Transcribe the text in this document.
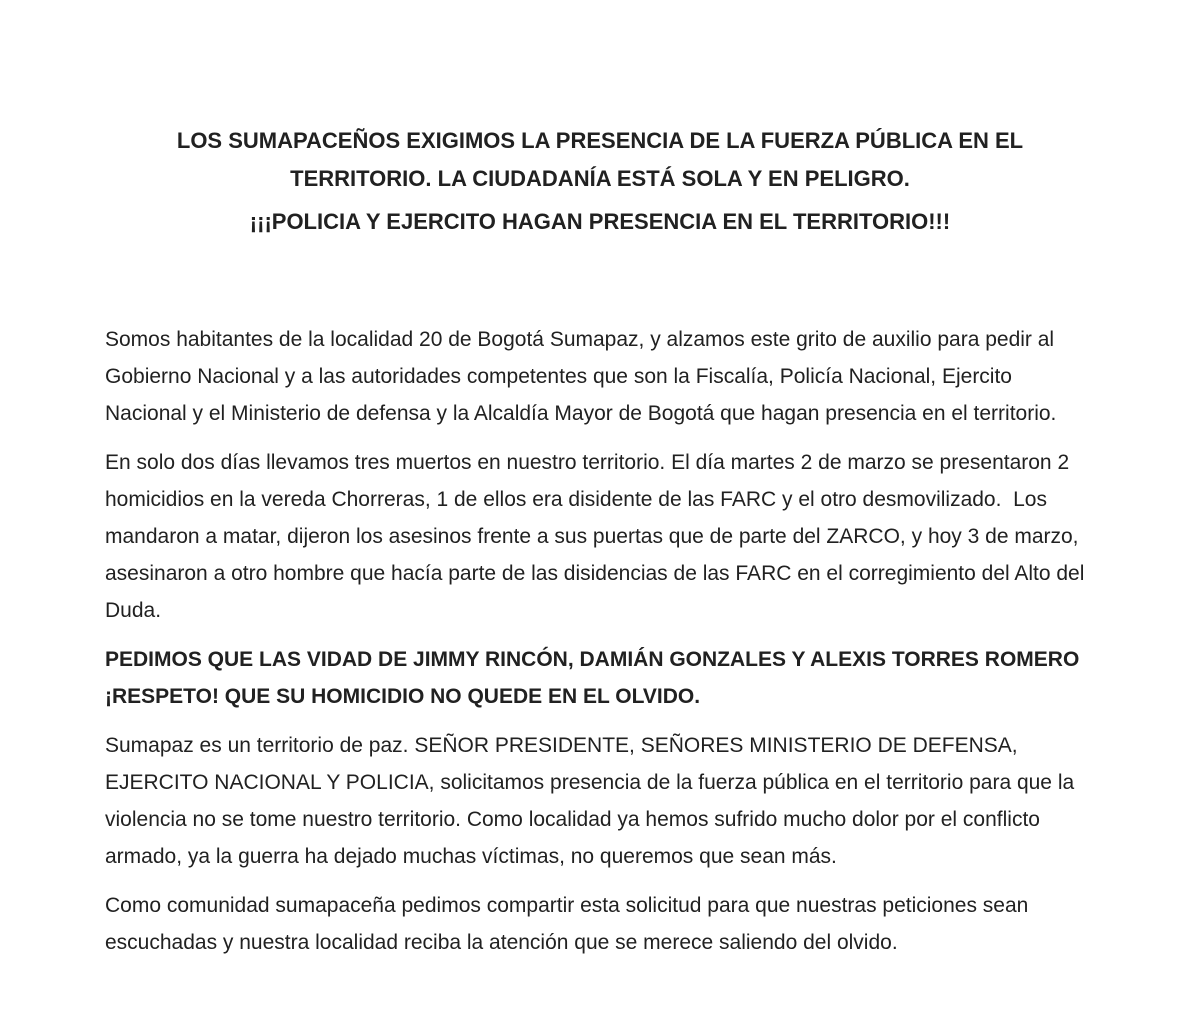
LOS SUMAPACEÑOS EXIGIMOS LA PRESENCIA DE LA FUERZA PÚBLICA EN EL TERRITORIO. LA CIUDADANÍA ESTÁ SOLA Y EN PELIGRO.
¡¡¡POLICIA Y EJERCITO HAGAN PRESENCIA EN EL TERRITORIO!!!

Somos habitantes de la localidad 20 de Bogotá Sumapaz, y alzamos este grito de auxilio para pedir al Gobierno Nacional y a las autoridades competentes que son la Fiscalía, Policía Nacional, Ejercito Nacional y el Ministerio de defensa y la Alcaldía Mayor de Bogotá que hagan presencia en el territorio.

En solo dos días llevamos tres muertos en nuestro territorio. El día martes 2 de marzo se presentaron 2 homicidios en la vereda Chorreras, 1 de ellos era disidente de las FARC y el otro desmovilizado.  Los mandaron a matar, dijeron los asesinos frente a sus puertas que de parte del ZARCO, y hoy 3 de marzo, asesinaron a otro hombre que hacía parte de las disidencias de las FARC en el corregimiento del Alto del Duda.

PEDIMOS QUE LAS VIDAD DE JIMMY RINCÓN, DAMIÁN GONZALES Y ALEXIS TORRES ROMERO ¡RESPETO! QUE SU HOMICIDIO NO QUEDE EN EL OLVIDO.

Sumapaz es un territorio de paz. SEÑOR PRESIDENTE, SEÑORES MINISTERIO DE DEFENSA, EJERCITO NACIONAL Y POLICIA, solicitamos presencia de la fuerza pública en el territorio para que la violencia no se tome nuestro territorio. Como localidad ya hemos sufrido mucho dolor por el conflicto armado, ya la guerra ha dejado muchas víctimas, no queremos que sean más.

Como comunidad sumapaceña pedimos compartir esta solicitud para que nuestras peticiones sean escuchadas y nuestra localidad reciba la atención que se merece saliendo del olvido.
